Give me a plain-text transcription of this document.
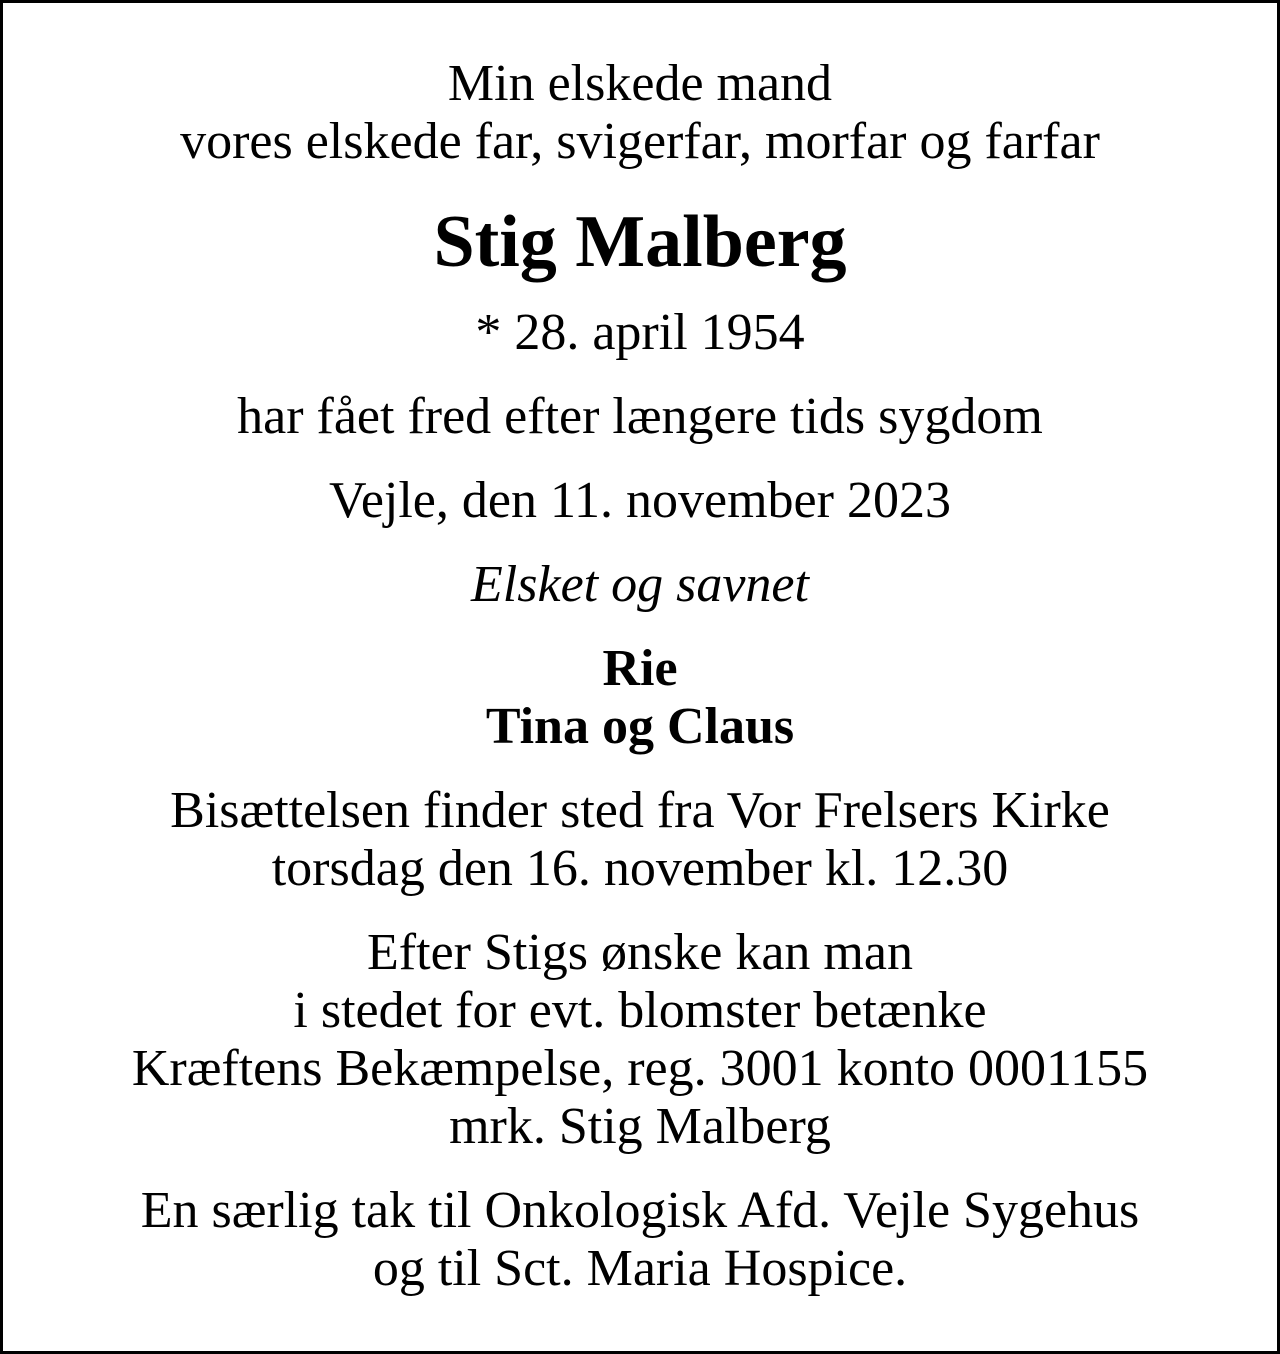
Min elskede mand
vores elskede far, svigerfar, morfar og farfar
Stig Malberg
* 28. april 1954
har fået fred efter længere tids sygdom
Vejle, den 11. november 2023
Elsket og savnet
Rie
Tina og Claus
Bisættelsen finder sted fra Vor Frelsers Kirke
torsdag den 16. november kl. 12.30
Efter Stigs ønske kan man
i stedet for evt. blomster betænke
Kræftens Bekæmpelse, reg. 3001 konto 0001155
mrk. Stig Malberg
En særlig tak til Onkologisk Afd. Vejle Sygehus
og til Sct. Maria Hospice.
